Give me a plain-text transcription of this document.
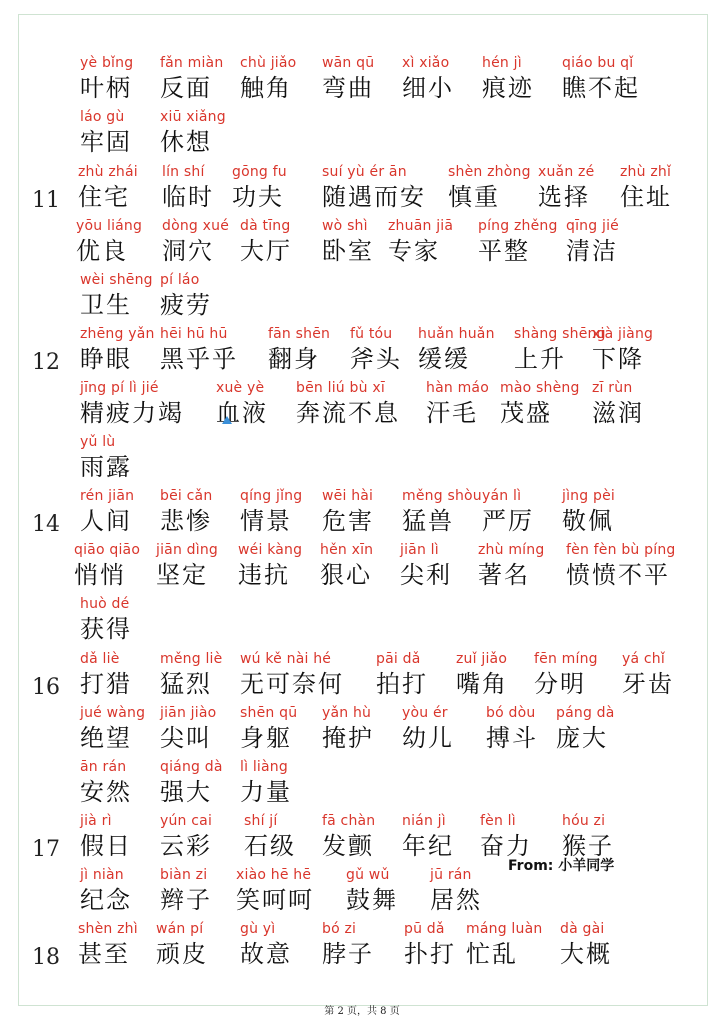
yè bǐng
叶柄
fǎn miàn
反面
chù jiǎo
触角
wān qū
弯曲
xì xiǎo
细小
hén jì
痕迹
qiáo bu qǐ
瞧不起
láo gù
牢固
xiū xiǎng
休想
11
zhù zhái
住宅
lín shí
临时
gōng fu
功夫
suí yù ér ān
随遇而安
shèn zhòng
慎重
xuǎn zé
选择
zhù zhǐ
住址
yōu liáng
优良
dòng xué
洞穴
dà tīng
大厅
wò shì
卧室
zhuān jiā
专家
píng zhěng
平整
qīng jié
清洁
wèi shēng
卫生
pí láo
疲劳
12
zhēng yǎn
睁眼
hēi hū hū
黑乎乎
fān shēn
翻身
fǔ tóu
斧头
huǎn huǎn
缓缓
shàng shēng
上升
xià jiàng
下降
jīng pí lì jié
精疲力竭
xuè yè
血液
bēn liú bù xī
奔流不息
hàn máo
汗毛
mào shèng
茂盛
zī rùn
滋润
yǔ lù
雨露
14
rén jiān
人间
bēi cǎn
悲惨
qíng jǐng
情景
wēi hài
危害
měng shòu
猛兽
yán lì
严厉
jìng pèi
敬佩
qiāo qiāo
悄悄
jiān dìng
坚定
wéi kàng
违抗
hěn xīn
狠心
jiān lì
尖利
zhù míng
著名
fèn fèn bù píng
愤愤不平
huò dé
获得
16
dǎ liè
打猎
měng liè
猛烈
wú kě nài hé
无可奈何
pāi dǎ
拍打
zuǐ jiǎo
嘴角
fēn míng
分明
yá chǐ
牙齿
jué wàng
绝望
jiān jiào
尖叫
shēn qū
身躯
yǎn hù
掩护
yòu ér
幼儿
bó dòu
搏斗
páng dà
庞大
ān rán
安然
qiáng dà
强大
lì liàng
力量
17
jià rì
假日
yún cai
云彩
shí jí
石级
fā chàn
发颤
nián jì
年纪
fèn lì
奋力
hóu zi
猴子
jì niàn
纪念
biàn zi
辫子
xiào hē hē
笑呵呵
gǔ wǔ
鼓舞
jū rán
居然
18
shèn zhì
甚至
wán pí
顽皮
gù yì
故意
bó zi
脖子
pū dǎ
扑打
máng luàn
忙乱
dà gài
大概
From: 小羊同学
第 2 页，共 8 页
